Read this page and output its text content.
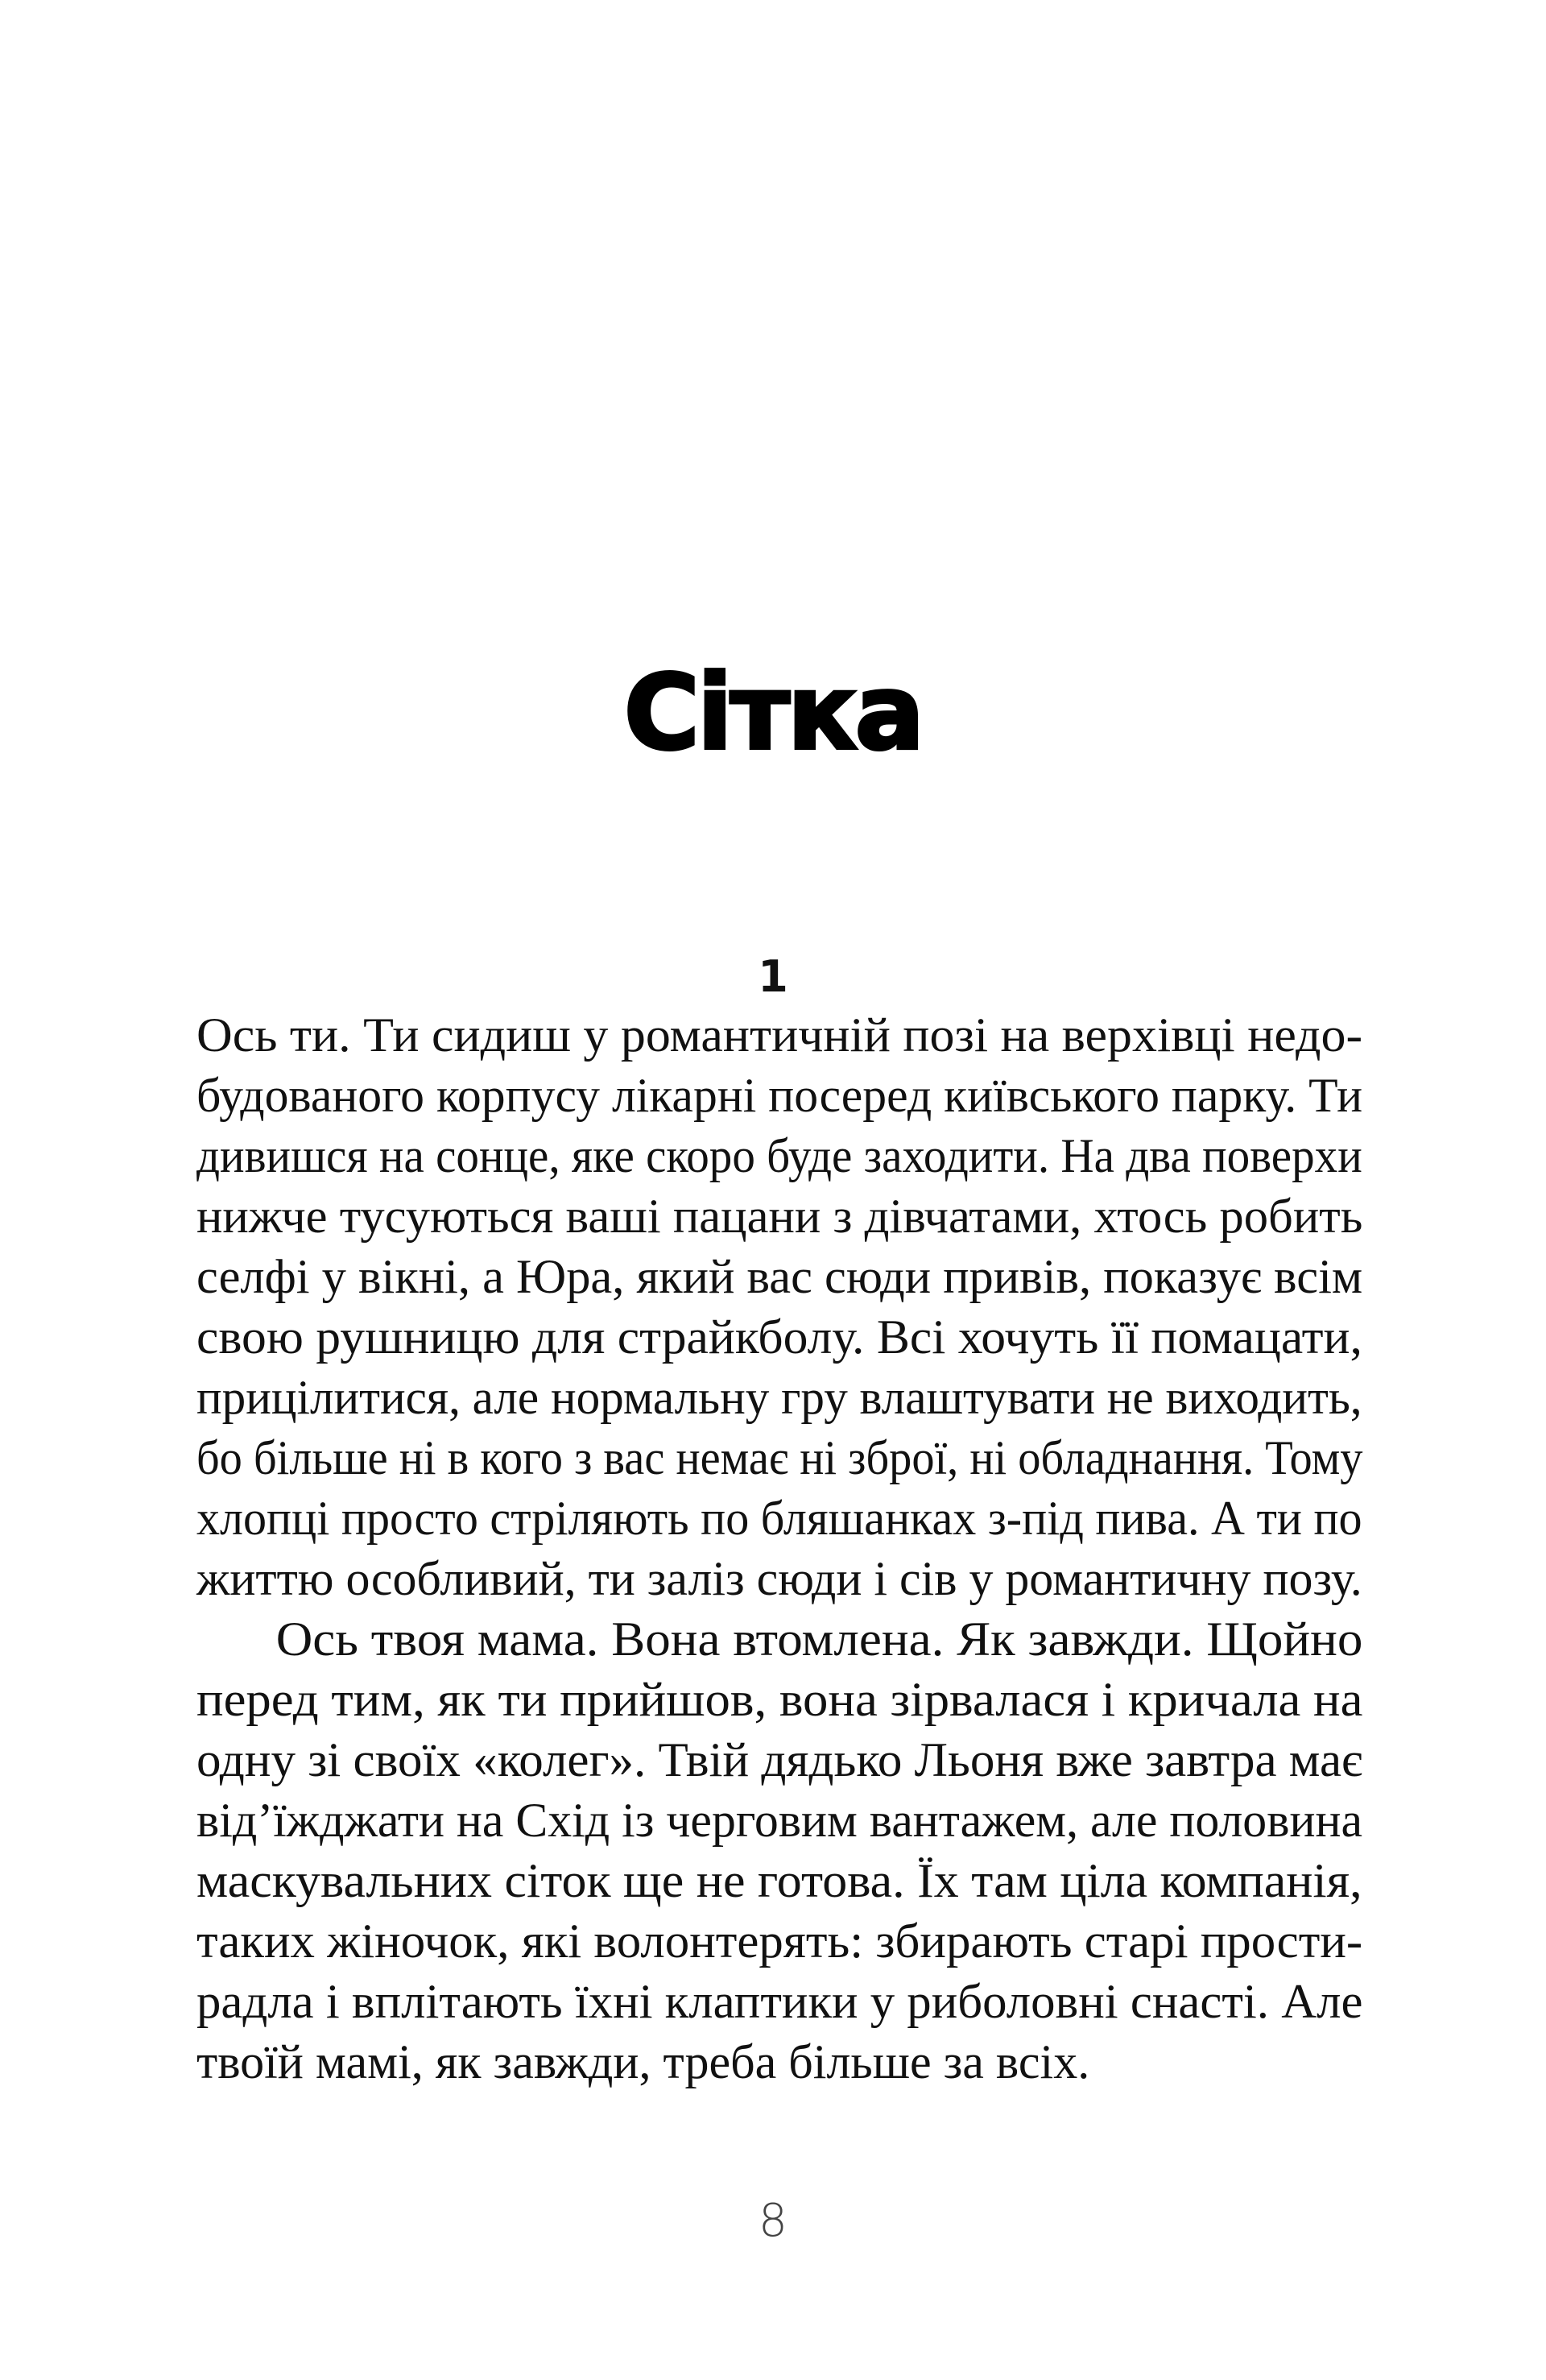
Сітка
1
Ось ти. Ти сидиш у романтичній позі на верхівці недо-
будованого корпусу лікарні посеред київського парку. Ти
дивишся на сонце, яке скоро буде заходити. На два поверхи
нижче тусуються ваші пацани з дівчатами, хтось робить
селфі у вікні, а Юра, який вас сюди привів, показує всім
свою рушницю для страйкболу. Всі хочуть її помацати,
прицілитися, але нормальну гру влаштувати не виходить,
бо більше ні в кого з вас немає ні зброї, ні обладнання. Тому
хлопці просто стріляють по бляшанках з-під пива. А ти по
життю особливий, ти заліз сюди і сів у романтичну позу.
Ось твоя мама. Вона втомлена. Як завжди. Щойно
перед тим, як ти прийшов, вона зірвалася і кричала на
одну зі своїх «колег». Твій дядько Льоня вже завтра має
від’їжджати на Схід із черговим вантажем, але половина
маскувальних сіток ще не готова. Їх там ціла компанія,
таких жіночок, які волонтерять: збирають старі прости-
радла і вплітають їхні клаптики у риболовні снасті. Але
твоїй мамі, як завжди, треба більше за всіх.
8
